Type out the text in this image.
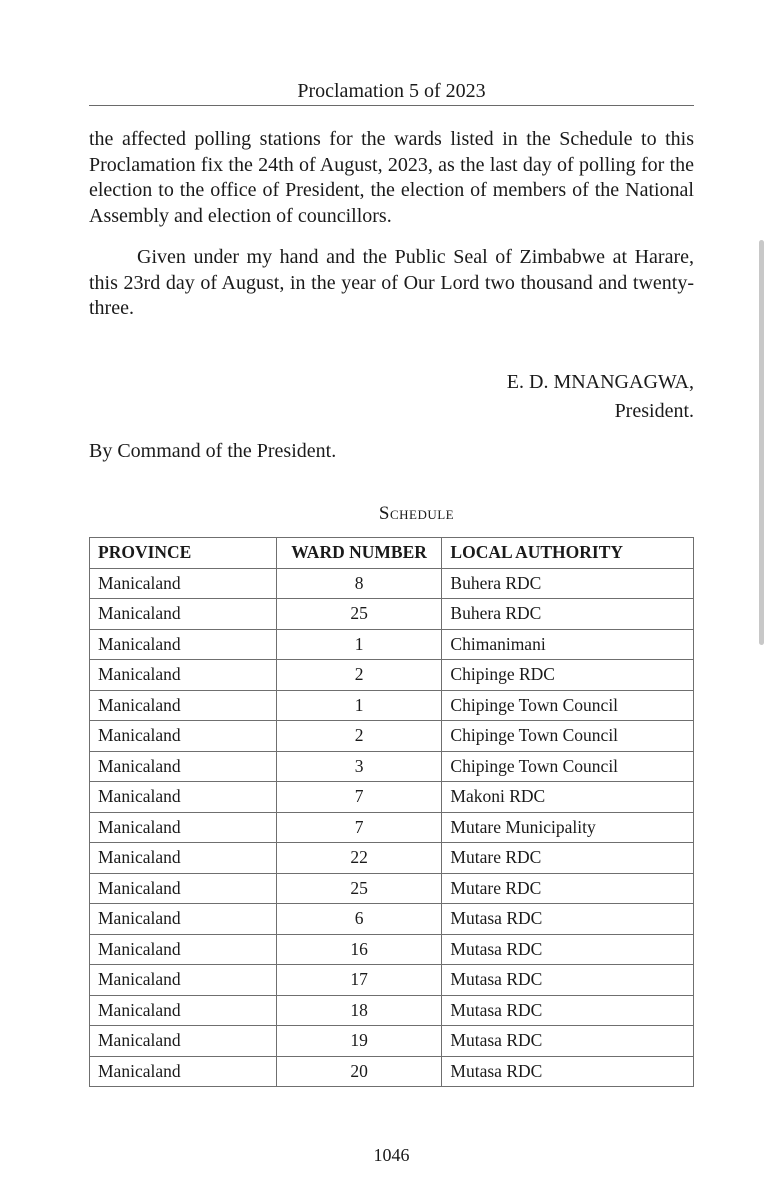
Proclamation 5 of 2023

the affected polling stations for the wards listed in the Schedule to this Proclamation fix the 24th of August, 2023, as the last day of polling for the election to the office of President, the election of members of the National Assembly and election of councillors.

Given under my hand and the Public Seal of Zimbabwe at Harare, this 23rd day of August, in the year of Our Lord two thousand and twenty-three.

E. D. MNANGAGWA,
President.
By Command of the President.
Schedule
PROVINCE	WARD NUMBER	LOCAL AUTHORITY
Manicaland	8	Buhera RDC
Manicaland	25	Buhera RDC
Manicaland	1	Chimanimani
Manicaland	2	Chipinge RDC
Manicaland	1	Chipinge Town Council
Manicaland	2	Chipinge Town Council
Manicaland	3	Chipinge Town Council
Manicaland	7	Makoni RDC
Manicaland	7	Mutare Municipality
Manicaland	22	Mutare RDC
Manicaland	25	Mutare RDC
Manicaland	6	Mutasa RDC
Manicaland	16	Mutasa RDC
Manicaland	17	Mutasa RDC
Manicaland	18	Mutasa RDC
Manicaland	19	Mutasa RDC
Manicaland	20	Mutasa RDC
1046
